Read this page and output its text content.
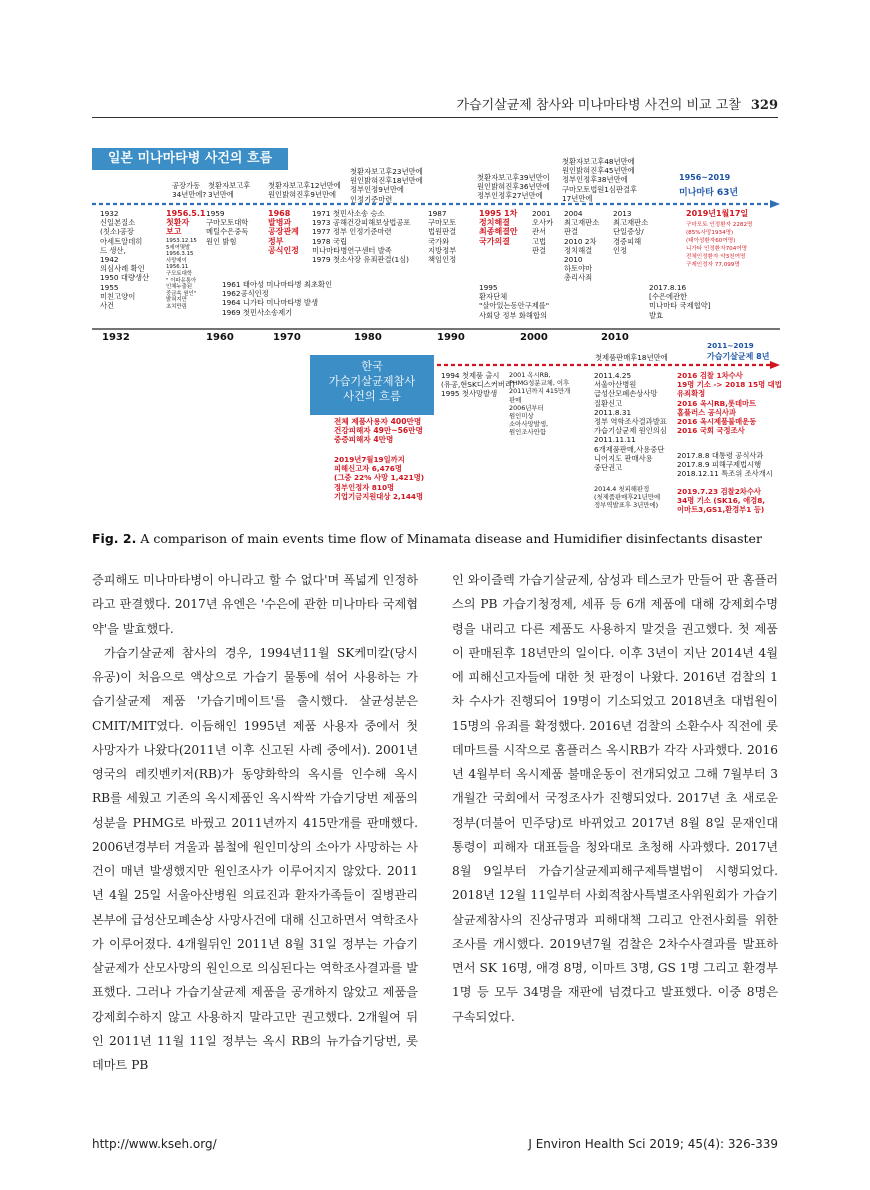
가습기살균제 참사와 미나마타병 사건의 비교 고찰 329
일본 미나마타병 사건의 흐름
공장가동
34년만에?
첫환자보고후
3년만에
첫환자보고후12년만에
원인밝혀진후9년만에
첫환자보고후23년만에
원인밝혀진후18년만에
정부인정9년만에
인정기준마련
첫환자보고후39년만이
원인밝혀진후36년만에
정부인정후27년만에
첫환자보고후48년만에
원인밝혀진후45년만에
정부인정후38년만에
구마모토법원1심판결후
17년만에
1956~2019
미나마타 63년
1932
신일본질소
(칫소)공장
아세트알데히
드 생산,
1942
의심사례 확인
1950 대량생산
1955
미친고양이
사건
1956.5.1
첫환자
보고
1953.12.15
5세여몇발
1956.3.15
사망예이
1956.11
구모토대학
" 이파유통아
인체누출된
중금속 원인"
밝혀지만
초치만림
1959
구마모토대학
메틸수은중독
원인 밝힘
1968
발병과
공장관계
정부
공식인정
1971 첫민사소송 승소
1973 공해건강피해보상법공포
1977 정부 인정기준마련
1978 국립
미나마타병연구센터 발족
1979 첫소사장 유죄판결(1심)
1961 태아성 미나마타병 최초확인
1962공식인정
1964 니가타 미나마타병 발생
1969 첫민사소송제기
1987
구마모토
법원판결
국가와
지방정부
책임인정
1995 1차
정치해결
최종해결안
국가의결
1995
환자단체
"살아있는동안구제를"
사회당 정부 화해합의
2001
오사카
관서
고법
판결
2004
최고재판소
판결
2010 2차
정치해결
2010
하토야마
총리사죄
2013
최고재판소
단일증상/
경증피해
인정
2019년1월17일
구마모토 인정환자 2282명
(85%사망1934명)
(태아성환자60여명)
니가타 인정환자704여명
전체인정환자 약3천여명
구제인정자 77,099명
2017.8.16
[수은에관한
미나마타 국제협약]
발효
1932	1960	1970	1980	1990	2000	2010
한국
가습기살균제참사
사건의 흐름
첫제품판매후18년만에
2011~2019
가습기살균제 8년
전체 제품사용자 400만명
건강피해자 49만~56만명
중증피해자 4만명
2019년7월19일까지
피해신고자 6,476명
(그중 22% 사망 1,421명)
정부인정자 810명
기업기금지원대상 2,144명
1994 첫제품 출시
(유공,현SK디스커버리)
1995 첫사망발생
2001 옥시RB,
PHMG성분교체, 이후
2011년까지 415만개
판매
2006년부터
원인미상
소아사망발생,
원인조사안함
2011.4.25
서울아산병원
급성산모폐손상사망
질환신고
2011.8.31
정부 역학조사결과발표
가습기살균제 원인의심
2011.11.11
6개제품판매,사용중단
니어지도 판매사용
중단권고
2014.4 첫피해판정
(첫제품판매후21년만에
정부역발표후 3년만에)
2016 검찰 1차수사
19명 기소 -> 2018 15명 대법
유죄확정
2016 옥시RB,롯데마트
홈플러스 공식사과
2016 옥시제품불매운동
2016 국회 국정조사
2017.8.8 대통령 공식사과
2017.8.9 피해구제법시행
2018.12.11 특조위 조사개시
2019.7.23 검찰2차수사
34명 기소 (SK16, 애경8,
이마트3,GS1,환경부1 등)
Fig. 2. A comparison of main events time flow of Minamata disease and Humidifier disinfectants disaster

증피해도 미나마타병이 아니라고 할 수 없다'며 폭넓게 인정하라고 판결했다. 2017년 유엔은 '수은에 관한 미나마타 국제협약'을 발효했다.

가습기살균제 참사의 경우, 1994년11월 SK케미칼(당시 유공)이 처음으로 액상으로 가습기 물통에 섞어 사용하는 가습기살균제 제품 '가습기메이트'를 출시했다. 살균성분은 CMIT/MIT였다. 이듬해인 1995년 제품 사용자 중에서 첫 사망자가 나왔다(2011년 이후 신고된 사례 중에서). 2001년 영국의 레킷벤키저(RB)가 동양화학의 옥시를 인수해 옥시 RB를 세웠고 기존의 옥시제품인 옥시싹싹 가습기당번 제품의 성분을 PHMG로 바꿨고 2011년까지 415만개를 판매했다. 2006년경부터 겨울과 봄철에 원인미상의 소아가 사망하는 사건이 매년 발생했지만 원인조사가 이루어지지 않았다. 2011년 4월 25일 서울아산병원 의료진과 환자가족들이 질병관리본부에 급성산모폐손상 사망사건에 대해 신고하면서 역학조사가 이루어졌다. 4개월뒤인 2011년 8월 31일 정부는 가습기살균제가 산모사망의 원인으로 의심된다는 역학조사결과를 발표했다. 그러나 가습기살균제 제품을 공개하지 않았고 제품을 강제회수하지 않고 사용하지 말라고만 권고했다. 2개월여 뒤인 2011년 11월 11일 정부는 옥시 RB의 뉴가습기당번, 롯데마트 PB

인 와이즐렉 가습기살균제, 삼성과 테스코가 만들어 판 홈플러스의 PB 가습기청정제, 세퓨 등 6개 제품에 대해 강제회수명령을 내리고 다른 제품도 사용하지 말것을 권고했다. 첫 제품이 판매된후 18년만의 일이다. 이후 3년이 지난 2014년 4월에 피해신고자들에 대한 첫 판정이 나왔다. 2016년 검찰의 1차 수사가 진행되어 19명이 기소되었고 2018년초 대법원이 15명의 유죄를 확정했다. 2016년 검찰의 소환수사 직전에 롯데마트를 시작으로 홈플러스 옥시RB가 각각 사과했다. 2016년 4월부터 옥시제품 불매운동이 전개되었고 그해 7월부터 3개월간 국회에서 국정조사가 진행되었다. 2017년 초 새로운 정부(더불어 민주당)로 바뀌었고 2017년 8월 8일 문재인대통령이 피해자 대표들을 청와대로 초청해 사과했다. 2017년 8월 9일부터 가습기살균제피해구제특별법이 시행되었다. 2018년 12월 11일부터 사회적참사특별조사위원회가 가습기살균제참사의 진상규명과 피해대책 그리고 안전사회를 위한 조사를 개시했다. 2019년7월 검찰은 2차수사결과를 발표하면서 SK 16명, 애경 8명, 이마트 3명, GS 1명 그리고 환경부 1명 등 모두 34명을 재판에 넘겼다고 발표했다. 이중 8명은 구속되었다.

http://www.kseh.org/	J Environ Health Sci 2019; 45(4): 326-339
